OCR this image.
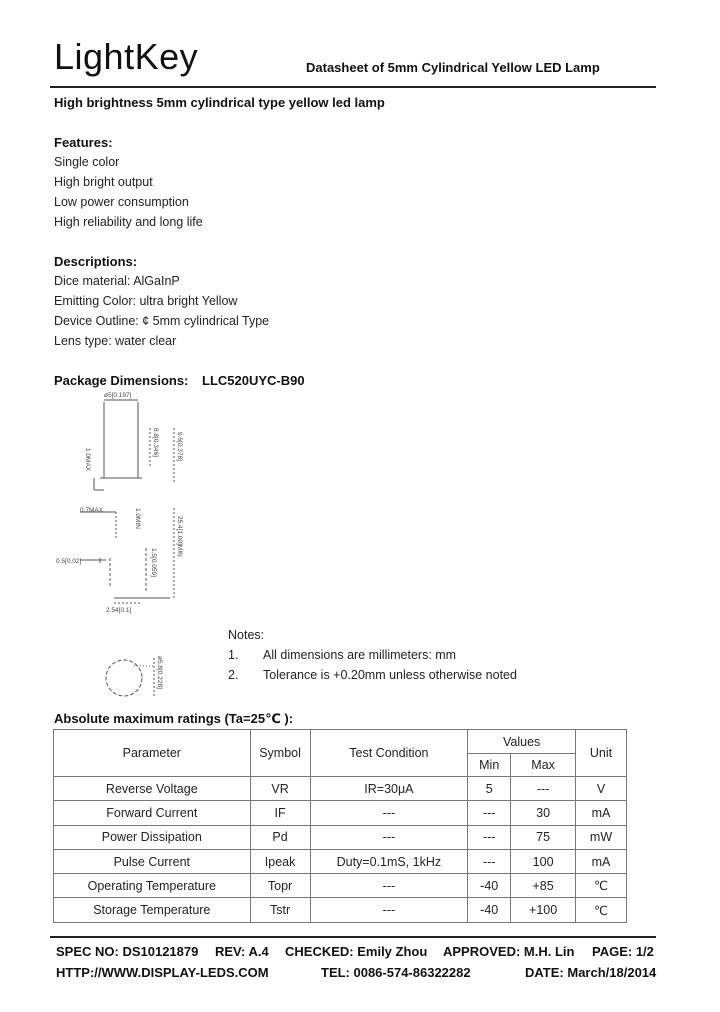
LightKey	Datasheet of 5mm Cylindrical Yellow LED Lamp
High brightness 5mm cylindrical type yellow led lamp
Features:
Single color
High bright output
Low power consumption
High reliability and long life
Descriptions:
Dice material: AlGaInP
Emitting Color: ultra bright Yellow
Device Outline: ¢ 5mm cylindrical Type
Lens type: water clear
Package Dimensions: LLC520UYC-B90
ø5[0.197]
1.0MAX
8.8[0.346]	9.6[0.378]
0.7MAX	1.0MIN	25.4[1.00]MIN
0.5[0.02]	1.5[0.059]
2.54[0.1]
ø5.8[0.228]
Notes:
1. All dimensions are millimeters: mm
2. Tolerance is +0.20mm unless otherwise noted
Absolute maximum ratings (Ta=25℃ ):
Parameter	Symbol	Test Condition	Values		Unit
			Min	Max	
Reverse Voltage	VR	IR=30μA	5	---	V
Forward Current	IF	---	---	30	mA
Power Dissipation	Pd	---	---	75	mW
Pulse Current	Ipeak	Duty=0.1mS, 1kHz	---	100	mA
Operating Temperature	Topr	---	-40	+85	℃
Storage Temperature	Tstr	---	-40	+100	℃
SPEC NO: DS10121879 REV: A.4 CHECKED: Emily Zhou APPROVED: M.H. Lin PAGE: 1/2
HTTP://WWW.DISPLAY-LEDS.COM	TEL: 0086-574-86322282	DATE: March/18/2014
